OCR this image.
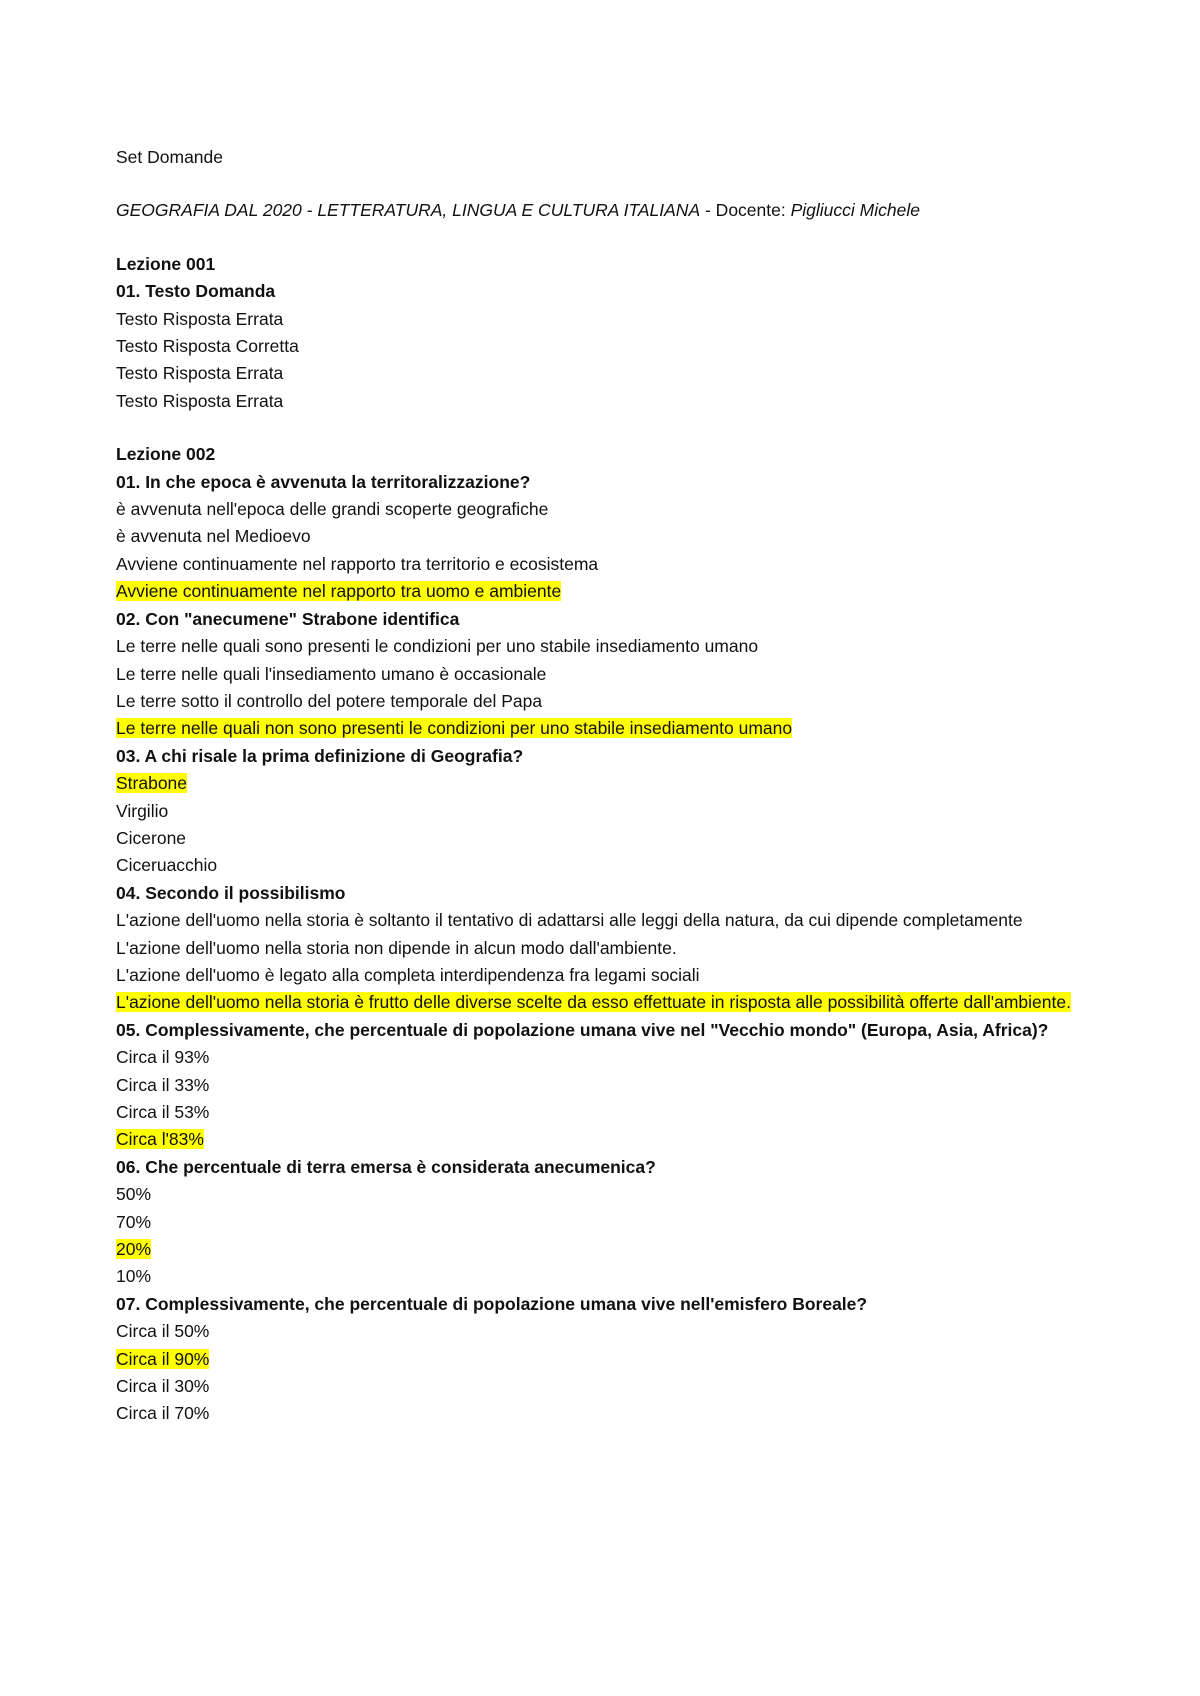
Set Domande
GEOGRAFIA DAL 2020 - LETTERATURA, LINGUA E CULTURA ITALIANA - Docente: Pigliucci Michele
Lezione 001
01. Testo Domanda
Testo Risposta Errata
Testo Risposta Corretta
Testo Risposta Errata
Testo Risposta Errata
Lezione 002
01. In che epoca è avvenuta la territoralizzazione?
è avvenuta nell'epoca delle grandi scoperte geografiche
è avvenuta nel Medioevo
Avviene continuamente nel rapporto tra territorio e ecosistema
Avviene continuamente nel rapporto tra uomo e ambiente
02. Con "anecumene" Strabone identifica
Le terre nelle quali sono presenti le condizioni per uno stabile insediamento umano
Le terre nelle quali l'insediamento umano è occasionale
Le terre sotto il controllo del potere temporale del Papa
Le terre nelle quali non sono presenti le condizioni per uno stabile insediamento umano
03. A chi risale la prima definizione di Geografia?
Strabone
Virgilio
Cicerone
Ciceruacchio
04. Secondo il possibilismo
L'azione dell'uomo nella storia è soltanto il tentativo di adattarsi alle leggi della natura, da cui dipende completamente
L'azione dell'uomo nella storia non dipende in alcun modo dall'ambiente.
L'azione dell'uomo è legato alla completa interdipendenza fra legami sociali
L'azione dell'uomo nella storia è frutto delle diverse scelte da esso effettuate in risposta alle possibilità offerte dall'ambiente.
05. Complessivamente, che percentuale di popolazione umana vive nel "Vecchio mondo" (Europa, Asia, Africa)?
Circa il 93%
Circa il 33%
Circa il 53%
Circa l'83%
06. Che percentuale di terra emersa è considerata anecumenica?
50%
70%
20%
10%
07. Complessivamente, che percentuale di popolazione umana vive nell'emisfero Boreale?
Circa il 50%
Circa il 90%
Circa il 30%
Circa il 70%
